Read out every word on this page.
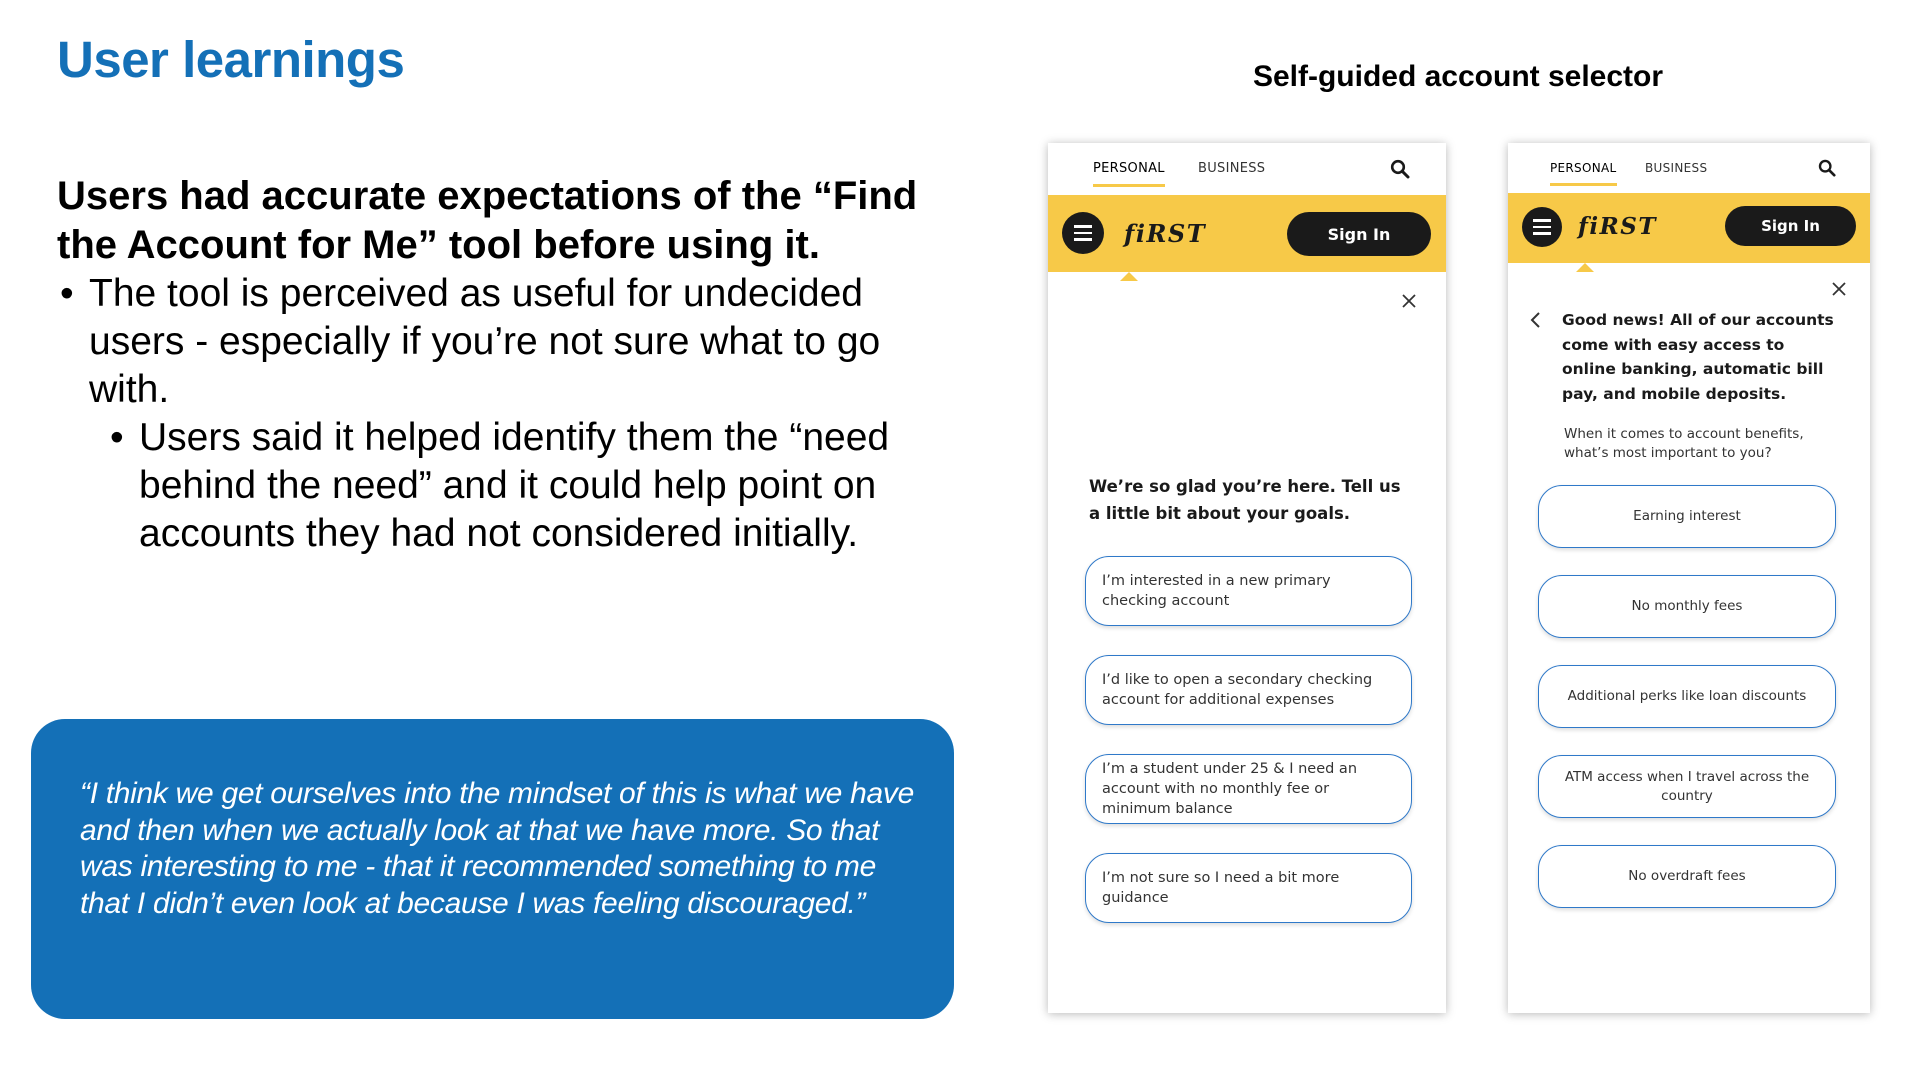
User learnings

Users had accurate expectations of the “Find the Account for Me” tool before using it.

• The tool is perceived as useful for undecided users - especially if you’re not sure what to go with.

• Users said it helped identify them the “need behind the need” and it could help point on accounts they had not considered initially.

“I think we get ourselves into the mindset of this is what we have and then when we actually look at that we have more. So that was interesting to me - that it recommended something to me that I didn’t even look at because I was feeling discouraged.”

Self-guided account selector
PERSONAL	BUSINESS
fiRST	Sign In

We’re so glad you’re here. Tell us a little bit about your goals.

I’m interested in a new primary checking account
I’d like to open a secondary checking account for additional expenses
I’m a student under 25 & I need an account with no monthly fee or minimum balance
I’m not sure so I need a bit more guidance
PERSONAL BUSINESS
fiRST	Sign In

Good news! All of our accounts come with easy access to online banking, automatic bill pay, and mobile deposits.

When it comes to account benefits, what’s most important to you?

Earning interest
No monthly fees
Additional perks like loan discounts
ATM access when I travel across the country
No overdraft fees
